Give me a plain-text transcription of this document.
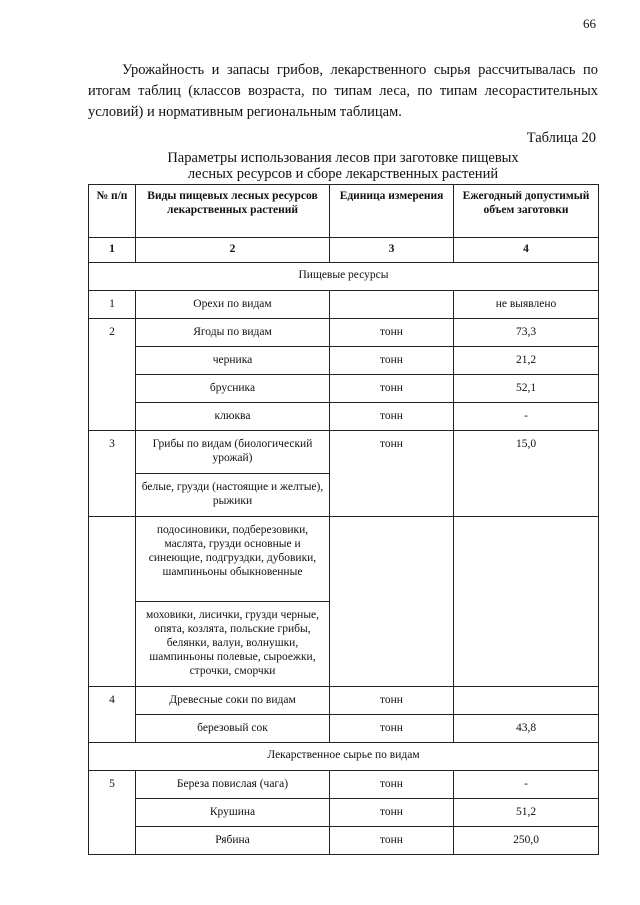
66

Урожайность и запасы грибов, лекарственного сырья рассчитывалась по итогам таблиц (классов возраста, по типам леса, по типам лесорастительных условий) и нормативным региональным таблицам.

Таблица 20
Параметры использования лесов при заготовке пищевых
лесных ресурсов и сборе лекарственных растений
№ п/п	Виды пищевых лесных ресурсов лекарственных растений	Единица измерения	Ежегодный допустимый объем заготовки
1	2	3	4
Пищевые ресурсы			
1	Орехи по видам		не выявлено
2	Ягоды по видам	тонн	73,3
	черника	тонн	21,2
	брусника	тонн	52,1
	клюква	тонн	-
3	Грибы по видам (биологический урожай)	тонн	15,0
	белые, грузди (настоящие и желтые), рыжики		
	подосиновики, подберезовики, маслята, грузди основные и синеющие, подгруздки, дубовики, шампиньоны обыкновенные		
	моховики, лисички, грузди черные, опята, козлята, польские грибы, белянки, валуи, волнушки, шампиньоны полевые, сыроежки, строчки, сморчки		
4	Древесные соки по видам	тонн	
	березовый сок	тонн	43,8
Лекарственное сырье по видам			
5	Береза повислая (чага)	тонн	-
	Крушина	тонн	51,2
	Рябина	тонн	250,0
